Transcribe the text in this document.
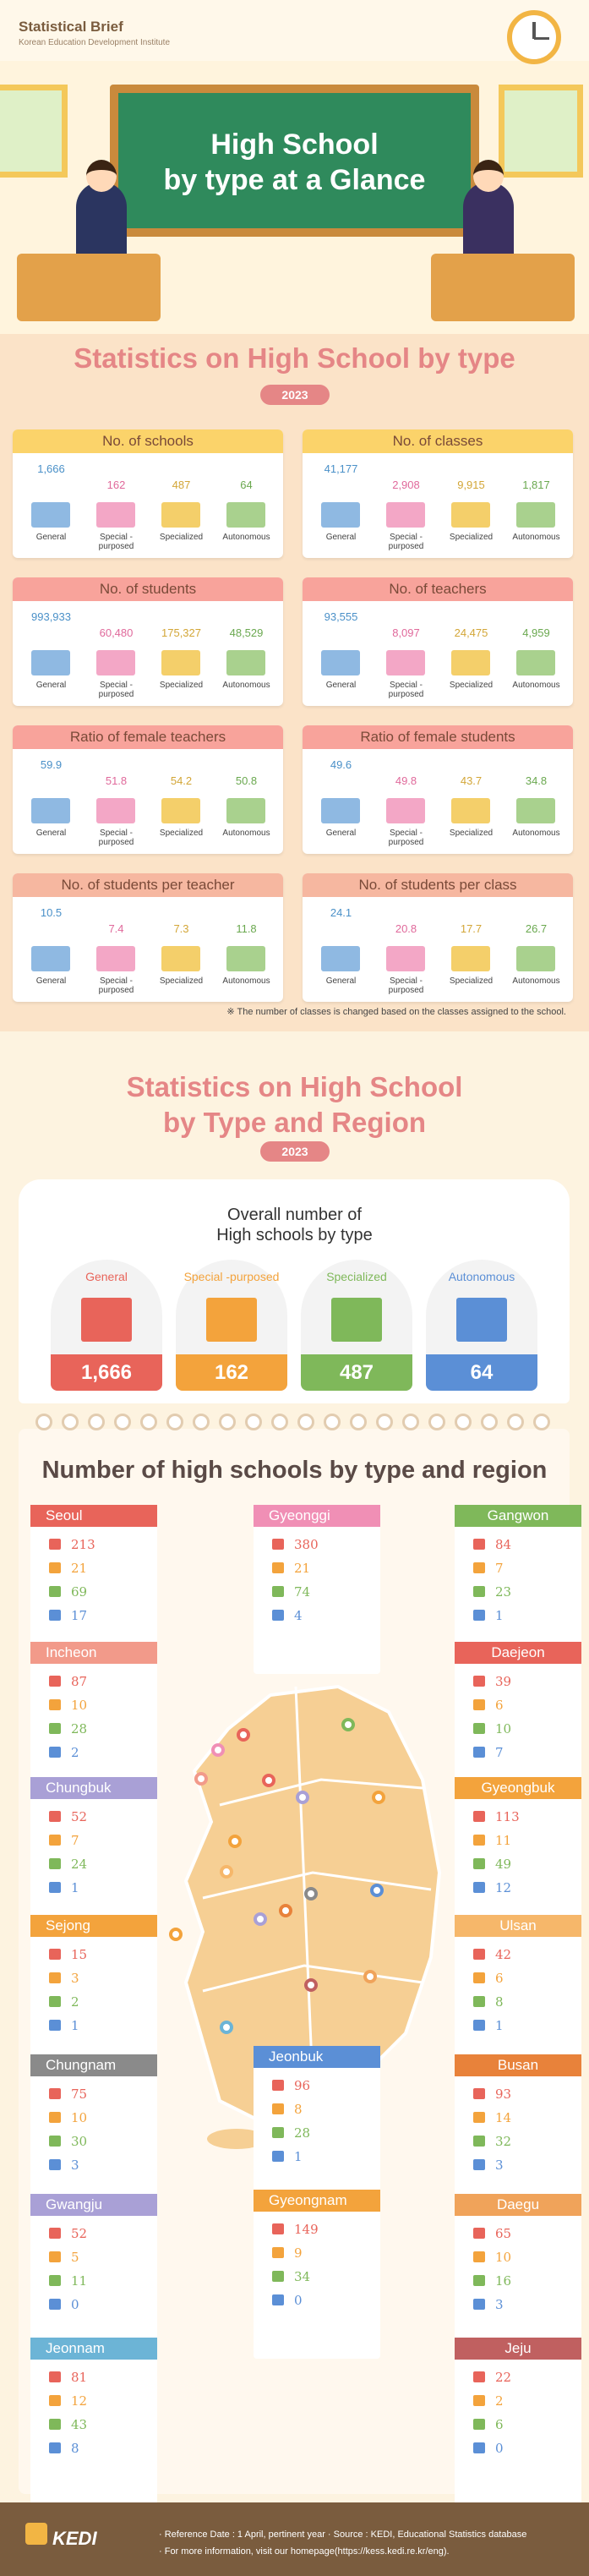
Statistical Brief
Korean Education Development Institute
High School
by type at a Glance
Statistics on High School by type
2023
No. of schools
1,666
General
162
Special -purposed
487
Specialized
64
Autonomous
No. of classes
41,177
General
2,908
Special -purposed
9,915
Specialized
1,817
Autonomous
No. of students
993,933
General
60,480
Special -purposed
175,327
Specialized
48,529
Autonomous
No. of teachers
93,555
General
8,097
Special -purposed
24,475
Specialized
4,959
Autonomous
Ratio of female teachers
59.9
General
51.8
Special -purposed
54.2
Specialized
50.8
Autonomous
Ratio of female students
49.6
General
49.8
Special -purposed
43.7
Specialized
34.8
Autonomous
No. of students per teacher
10.5
General
7.4
Special -purposed
7.3
Specialized
11.8
Autonomous
No. of students per class
24.1
General
20.8
Special -purposed
17.7
Specialized
26.7
Autonomous
※ The number of classes is changed based on the classes assigned to the school.
Statistics on High School
by Type and Region
2023
Overall number of
High schools by type
General
1,666
Special -purposed
162
Specialized
487
Autonomous
64
Number of high schools by type and region
Seoul
213
21
69
17
Gyeonggi
380
21
74
4
Gangwon
84
7
23
1
Incheon
87
10
28
2
Daejeon
39
6
10
7
Chungbuk
52
7
24
1
Gyeongbuk
113
11
49
12
Sejong
15
3
2
1
Ulsan
42
6
8
1
Chungnam
75
10
30
3
Jeonbuk
96
8
28
1
Busan
93
14
32
3
Gwangju
52
5
11
0
Gyeongnam
149
9
34
0
Daegu
65
10
16
3
Jeonnam
81
12
43
8
Jeju
22
2
6
0
KEDI	· Reference Date : 1 April, pertinent year · Source : KEDI, Educational Statistics database
· For more information, visit our homepage(https://kess.kedi.re.kr/eng).
